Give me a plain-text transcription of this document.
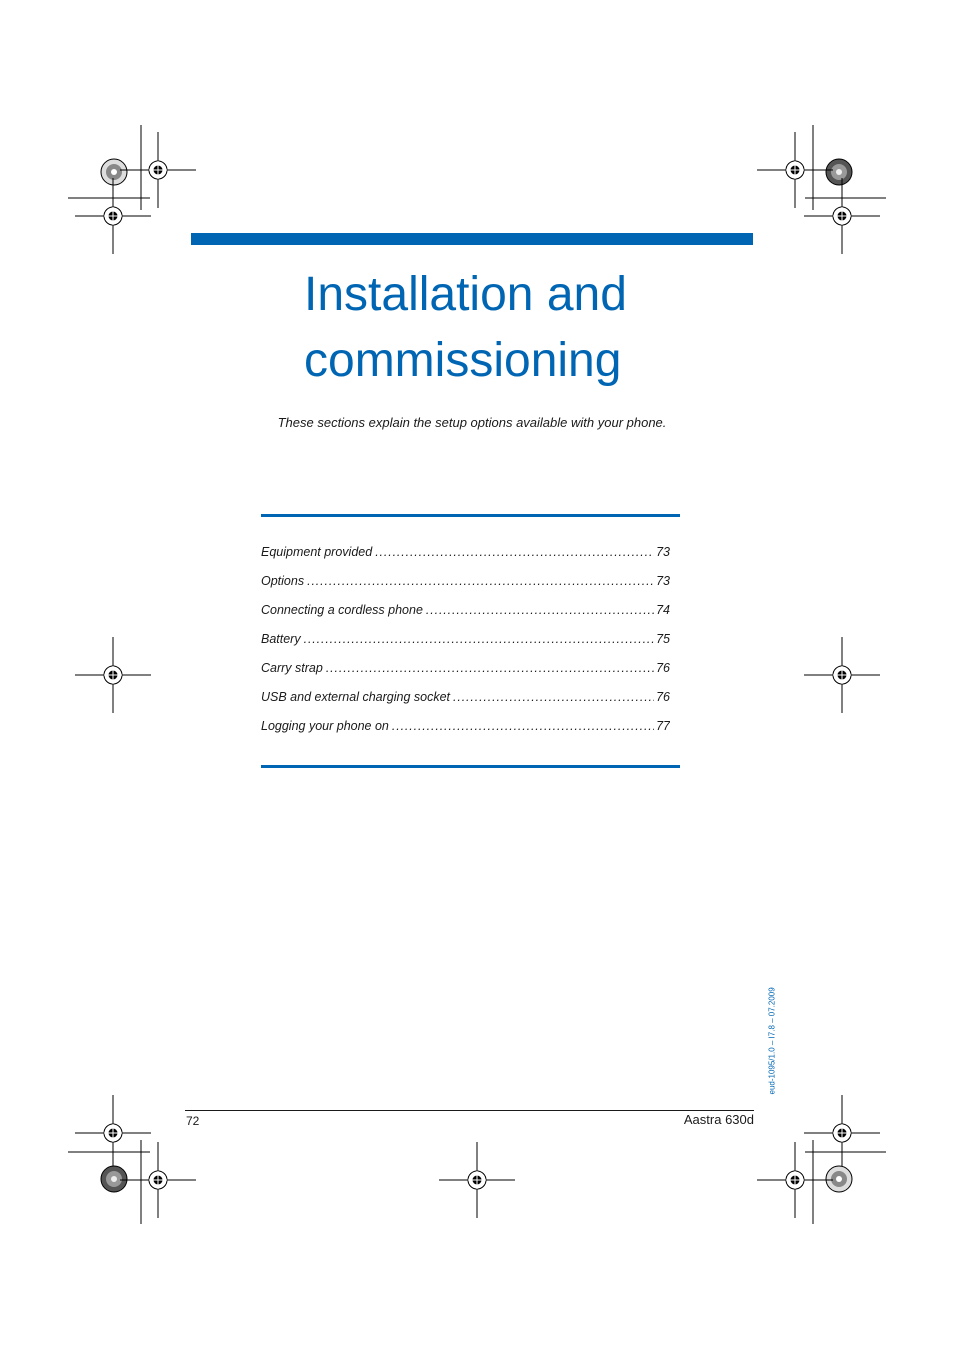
Installation and
commissioning

These sections explain the setup options available with your phone.

Equipment provided . . .	73
Options . . .	73
Connecting a cordless phone . . .	74
Battery . . .	75
Carry strap . . .	76
USB and external charging socket . . .	76
Logging your phone on . . .	77
eud-1095/1.0 – I7.8 – 07.2009
72	Aastra 630d
